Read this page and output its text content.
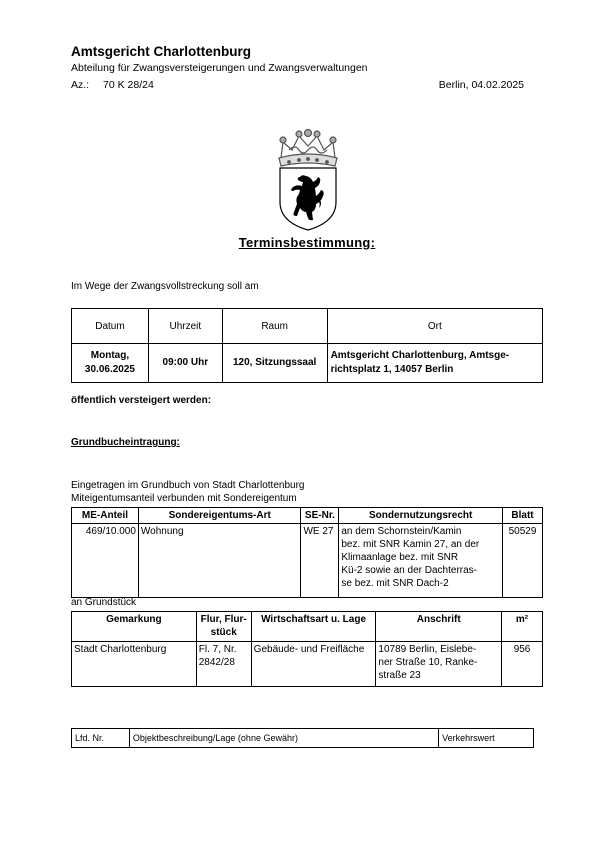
Amtsgericht Charlottenburg
Abteilung für Zwangsversteigerungen und Zwangsverwaltungen
Az.: 70 K 28/24	Berlin, 04.02.2025
Terminsbestimmung:
Im Wege der Zwangsvollstreckung soll am
Datum	Uhrzeit	Raum	Ort
Montag,
30.06.2025	09:00 Uhr	120, Sitzungssaal	Amtsgericht Charlottenburg, Amtsge-
richtsplatz 1, 14057 Berlin
öffentlich versteigert werden:
Grundbucheintragung:
Eingetragen im Grundbuch von Stadt Charlottenburg
Miteigentumsanteil verbunden mit Sondereigentum
ME-Anteil	Sondereigentums-Art	SE-Nr.	Sondernutzungsrecht	Blatt
469/10.000	Wohnung	WE 27	an dem Schornstein/Kamin
bez. mit SNR Kamin 27, an der
Klimaanlage bez. mit SNR
Kü-2 sowie an der Dachterras-
se bez. mit SNR Dach-2	50529
an Grundstück
Gemarkung	Flur, Flur-
stück	Wirtschaftsart u. Lage	Anschrift	m²
Stadt Charlottenburg	Fl. 7, Nr.
2842/28	Gebäude- und Freifläche	10789 Berlin, Eislebe-
ner Straße 10, Ranke-
straße 23	956
Lfd. Nr.	Objektbeschreibung/Lage (ohne Gewähr)	Verkehrswert
